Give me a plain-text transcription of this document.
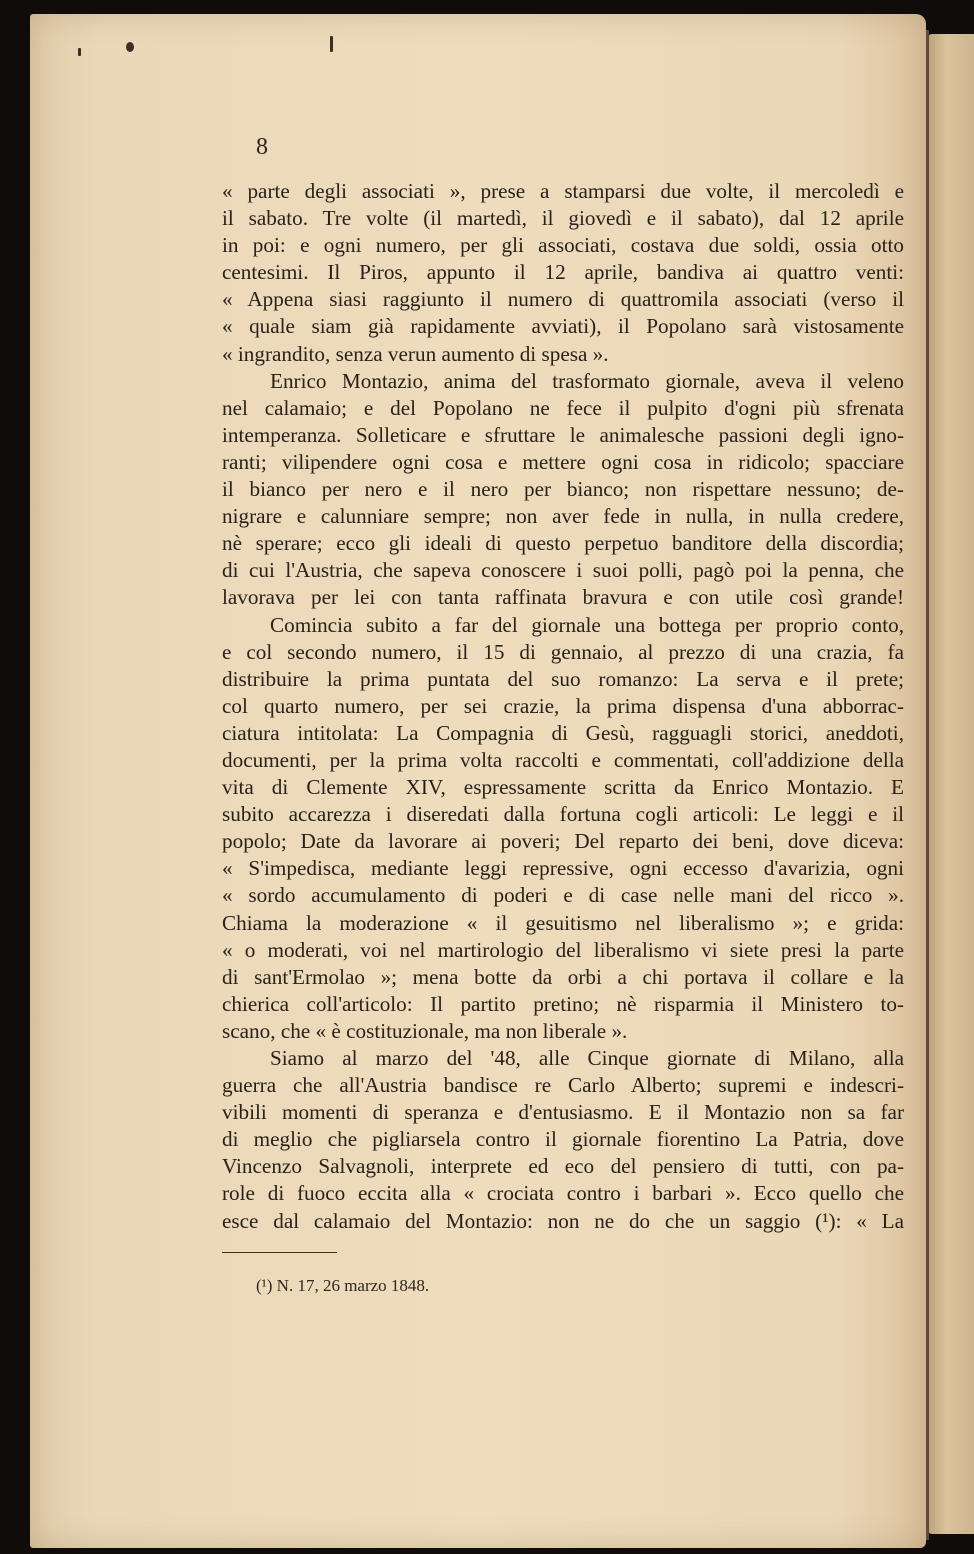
8
« parte degli associati », prese a stamparsi due volte, il mercoledì e
il sabato. Tre volte (il martedì, il giovedì e il sabato), dal 12 aprile
in poi: e ogni numero, per gli associati, costava due soldi, ossia otto
centesimi. Il Piros, appunto il 12 aprile, bandiva ai quattro venti:
« Appena siasi raggiunto il numero di quattromila associati (verso il
« quale siam già rapidamente avviati), il Popolano sarà vistosamente
« ingrandito, senza verun aumento di spesa ».
Enrico Montazio, anima del trasformato giornale, aveva il veleno
nel calamaio; e del Popolano ne fece il pulpito d'ogni più sfrenata
intemperanza. Solleticare e sfruttare le animalesche passioni degli igno-
ranti; vilipendere ogni cosa e mettere ogni cosa in ridicolo; spacciare
il bianco per nero e il nero per bianco; non rispettare nessuno; de-
nigrare e calunniare sempre; non aver fede in nulla, in nulla credere,
nè sperare; ecco gli ideali di questo perpetuo banditore della discordia;
di cui l'Austria, che sapeva conoscere i suoi polli, pagò poi la penna, che
lavorava per lei con tanta raffinata bravura e con utile così grande!
Comincia subito a far del giornale una bottega per proprio conto,
e col secondo numero, il 15 di gennaio, al prezzo di una crazia, fa
distribuire la prima puntata del suo romanzo: La serva e il prete;
col quarto numero, per sei crazie, la prima dispensa d'una abborrac-
ciatura intitolata: La Compagnia di Gesù, ragguagli storici, aneddoti,
documenti, per la prima volta raccolti e commentati, coll'addizione della
vita di Clemente XIV, espressamente scritta da Enrico Montazio. E
subito accarezza i diseredati dalla fortuna cogli articoli: Le leggi e il
popolo; Date da lavorare ai poveri; Del reparto dei beni, dove diceva:
« S'impedisca, mediante leggi repressive, ogni eccesso d'avarizia, ogni
« sordo accumulamento di poderi e di case nelle mani del ricco ».
Chiama la moderazione « il gesuitismo nel liberalismo »; e grida:
« o moderati, voi nel martirologio del liberalismo vi siete presi la parte
di sant'Ermolao »; mena botte da orbi a chi portava il collare e la
chierica coll'articolo: Il partito pretino; nè risparmia il Ministero to-
scano, che « è costituzionale, ma non liberale ».
Siamo al marzo del '48, alle Cinque giornate di Milano, alla
guerra che all'Austria bandisce re Carlo Alberto; supremi e indescri-
vibili momenti di speranza e d'entusiasmo. E il Montazio non sa far
di meglio che pigliarsela contro il giornale fiorentino La Patria, dove
Vincenzo Salvagnoli, interprete ed eco del pensiero di tutti, con pa-
role di fuoco eccita alla « crociata contro i barbari ». Ecco quello che
esce dal calamaio del Montazio: non ne do che un saggio (¹): « La
(¹) N. 17, 26 marzo 1848.
